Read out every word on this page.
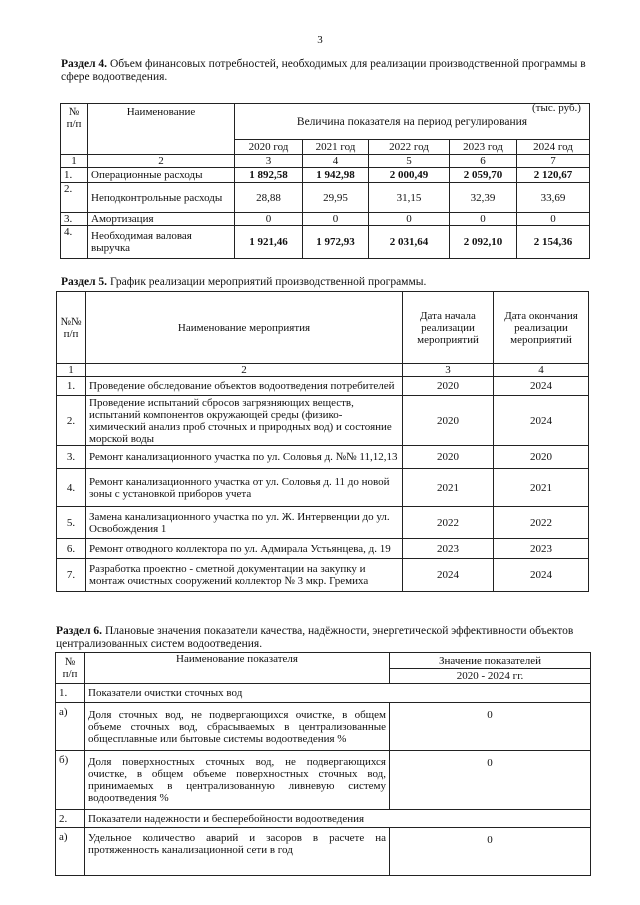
3
Раздел 4. Объем финансовых потребностей, необходимых для реализации производственной программы в сфере водоотведения.
(тыс. руб.)
№ п/п	Наименование	Величина показателя на период регулирования				
		2020 год	2021 год	2022 год	2023 год	2024 год
1	2	3	4	5	6	7
1.	Операционные расходы	1 892,58	1 942,98	2 000,49	2 059,70	2 120,67
2.	Неподконтрольные расходы	28,88	29,95	31,15	32,39	33,69
3.	Амортизация	0	0	0	0	0
4.	Необходимая валовая выручка	1 921,46	1 972,93	2 031,64	2 092,10	2 154,36
Раздел 5. График реализации мероприятий производственной программы.
№№ п/п	Наименование мероприятия	Дата начала реализации мероприятий	Дата окончания реализации мероприятий
1	2	3	4
1.	Проведение обследование объектов водоотведения потребителей	2020	2024
2.	Проведение испытаний сбросов загрязняющих веществ, испытаний компонентов окружающей среды (физико-химический анализ проб сточных и природных вод) и состояние морской воды	2020	2024
3.	Ремонт канализационного участка по ул. Соловья д. №№ 11,12,13	2020	2020
4.	Ремонт канализационного участка от ул. Соловья д. 11 до новой зоны с установкой приборов учета	2021	2021
5.	Замена канализационного участка по ул. Ж. Интервенции до ул. Освобождения 1	2022	2022
6.	Ремонт отводного коллектора по ул. Адмирала Устьянцева, д. 19	2023	2023
7.	Разработка проектно - сметной документации на закупку и монтаж очистных сооружений коллектор № 3 мкр. Гремиха	2024	2024
Раздел 6. Плановые значения показатели качества, надёжности, энергетической эффективности объектов централизованных систем водоотведения.
№ п/п	Наименование показателя	Значение показателей
		2020 - 2024 гг.
1.	Показатели очистки сточных вод	
а)	Доля сточных вод, не подвергающихся очистке, в общем объеме сточных вод, сбрасываемых в централизованные общесплавные или бытовые системы водоотведения %	0
б)	Доля поверхностных сточных вод, не подвергающихся очистке, в общем объеме поверхностных сточных вод, принимаемых в централизованную ливневую систему водоотведения %	0
2.	Показатели надежности и бесперебойности водоотведения	
а)	Удельное количество аварий и засоров в расчете на протяженность канализационной сети в год	0
